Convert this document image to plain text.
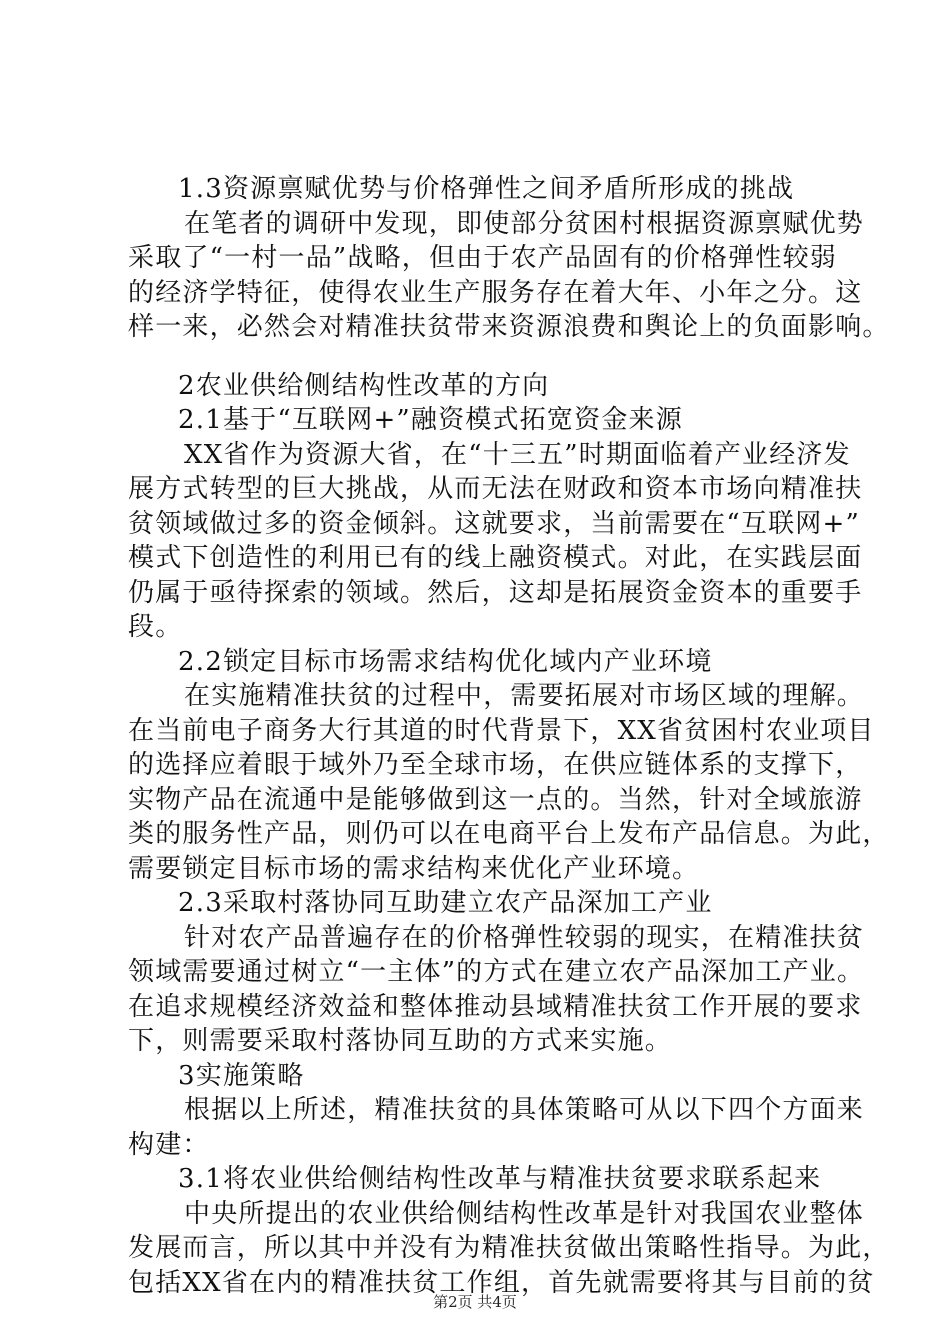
1.3资源禀赋优势与价格弹性之间矛盾所形成的挑战
在笔者的调研中发现，即使部分贫困村根据资源禀赋优势
采取了“一村一品”战略，但由于农产品固有的价格弹性较弱
的经济学特征，使得农业生产服务存在着大年、小年之分。这
样一来，必然会对精准扶贫带来资源浪费和舆论上的负面影响。
2农业供给侧结构性改革的方向
2.1基于“互联网+”融资模式拓宽资金来源
XX省作为资源大省，在“十三五”时期面临着产业经济发
展方式转型的巨大挑战，从而无法在财政和资本市场向精准扶
贫领域做过多的资金倾斜。这就要求，当前需要在“互联网+”
模式下创造性的利用已有的线上融资模式。对此，在实践层面
仍属于亟待探索的领域。然后，这却是拓展资金资本的重要手
段。
2.2锁定目标市场需求结构优化域内产业环境
在实施精准扶贫的过程中，需要拓展对市场区域的理解。
在当前电子商务大行其道的时代背景下，XX省贫困村农业项目
的选择应着眼于域外乃至全球市场，在供应链体系的支撑下，
实物产品在流通中是能够做到这一点的。当然，针对全域旅游
类的服务性产品，则仍可以在电商平台上发布产品信息。为此，
需要锁定目标市场的需求结构来优化产业环境。
2.3采取村落协同互助建立农产品深加工产业
针对农产品普遍存在的价格弹性较弱的现实，在精准扶贫
领域需要通过树立“一主体”的方式在建立农产品深加工产业。
在追求规模经济效益和整体推动县域精准扶贫工作开展的要求
下，则需要采取村落协同互助的方式来实施。
3实施策略
根据以上所述，精准扶贫的具体策略可从以下四个方面来
构建：
3.1将农业供给侧结构性改革与精准扶贫要求联系起来
中央所提出的农业供给侧结构性改革是针对我国农业整体
发展而言，所以其中并没有为精准扶贫做出策略性指导。为此，
包括XX省在内的精准扶贫工作组，首先就需要将其与目前的贫
第2页 共4页
